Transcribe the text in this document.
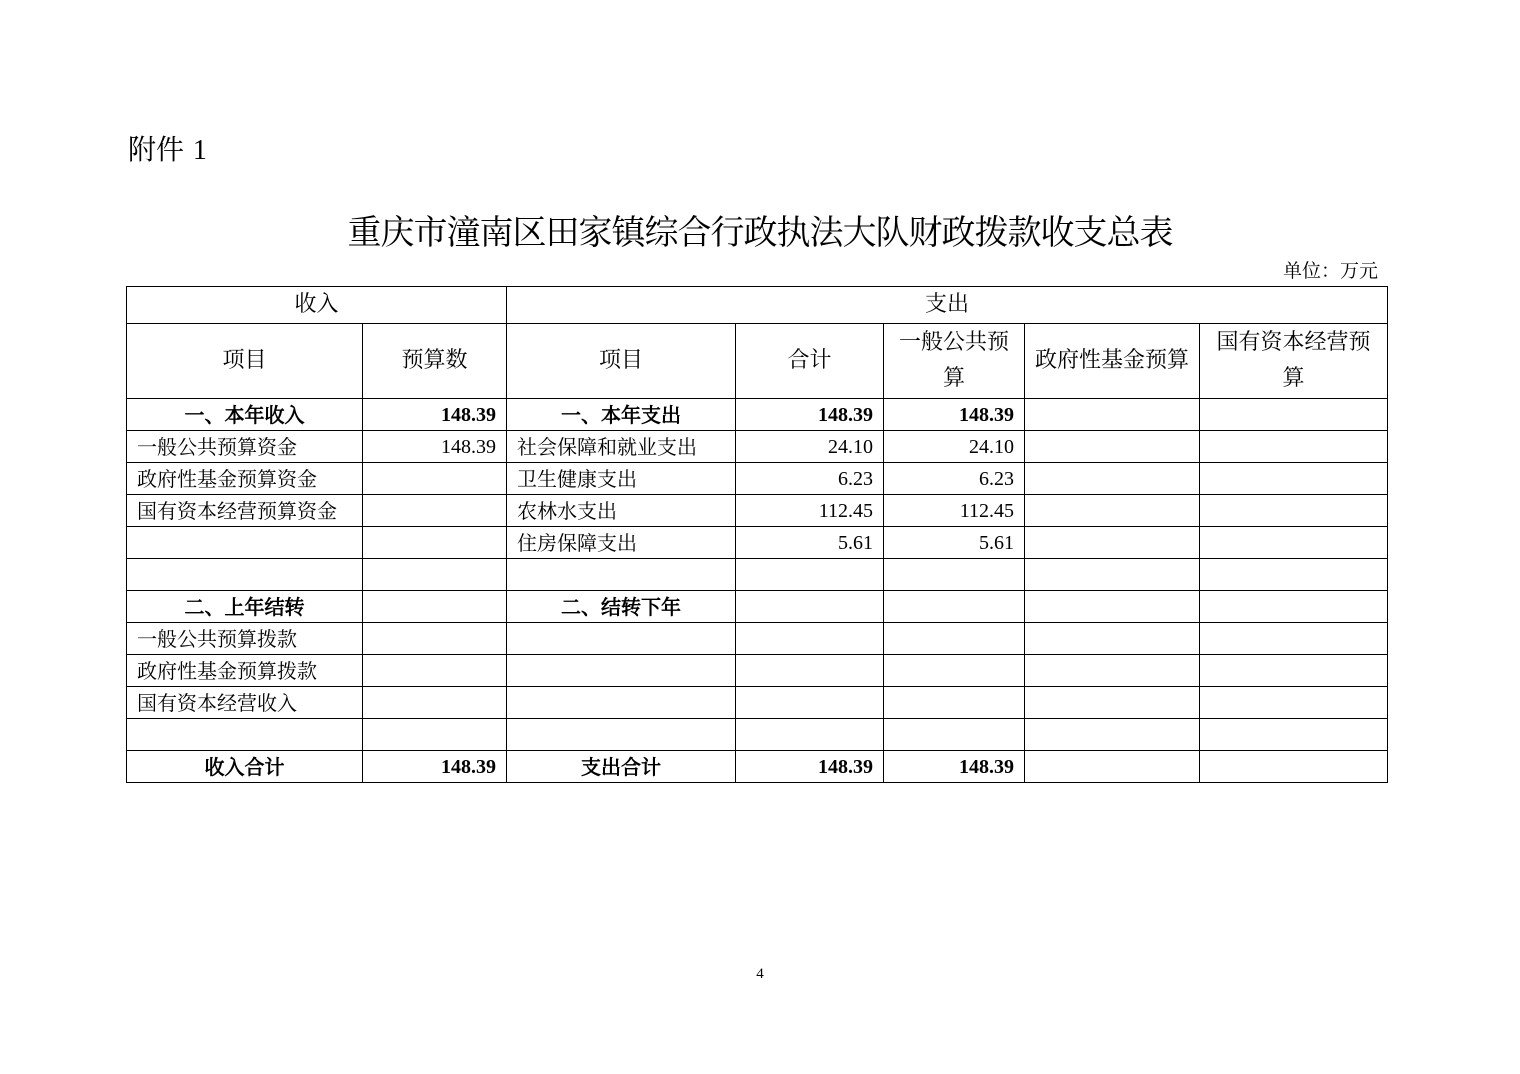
附件 1
重庆市潼南区田家镇综合行政执法大队财政拨款收支总表
单位：万元
收入		支出				
项目	预算数	项目	合计	一般公共预算	政府性基金预算	国有资本经营预算
一、本年收入	148.39	一、本年支出	148.39	148.39		
一般公共预算资金	148.39	社会保障和就业支出	24.10	24.10		
政府性基金预算资金		卫生健康支出	6.23	6.23		
国有资本经营预算资金		农林水支出	112.45	112.45		
		住房保障支出	5.61	5.61		

二、上年结转		二、结转下年				
一般公共预算拨款						
政府性基金预算拨款						
国有资本经营收入						

收入合计	148.39	支出合计	148.39	148.39		
4
